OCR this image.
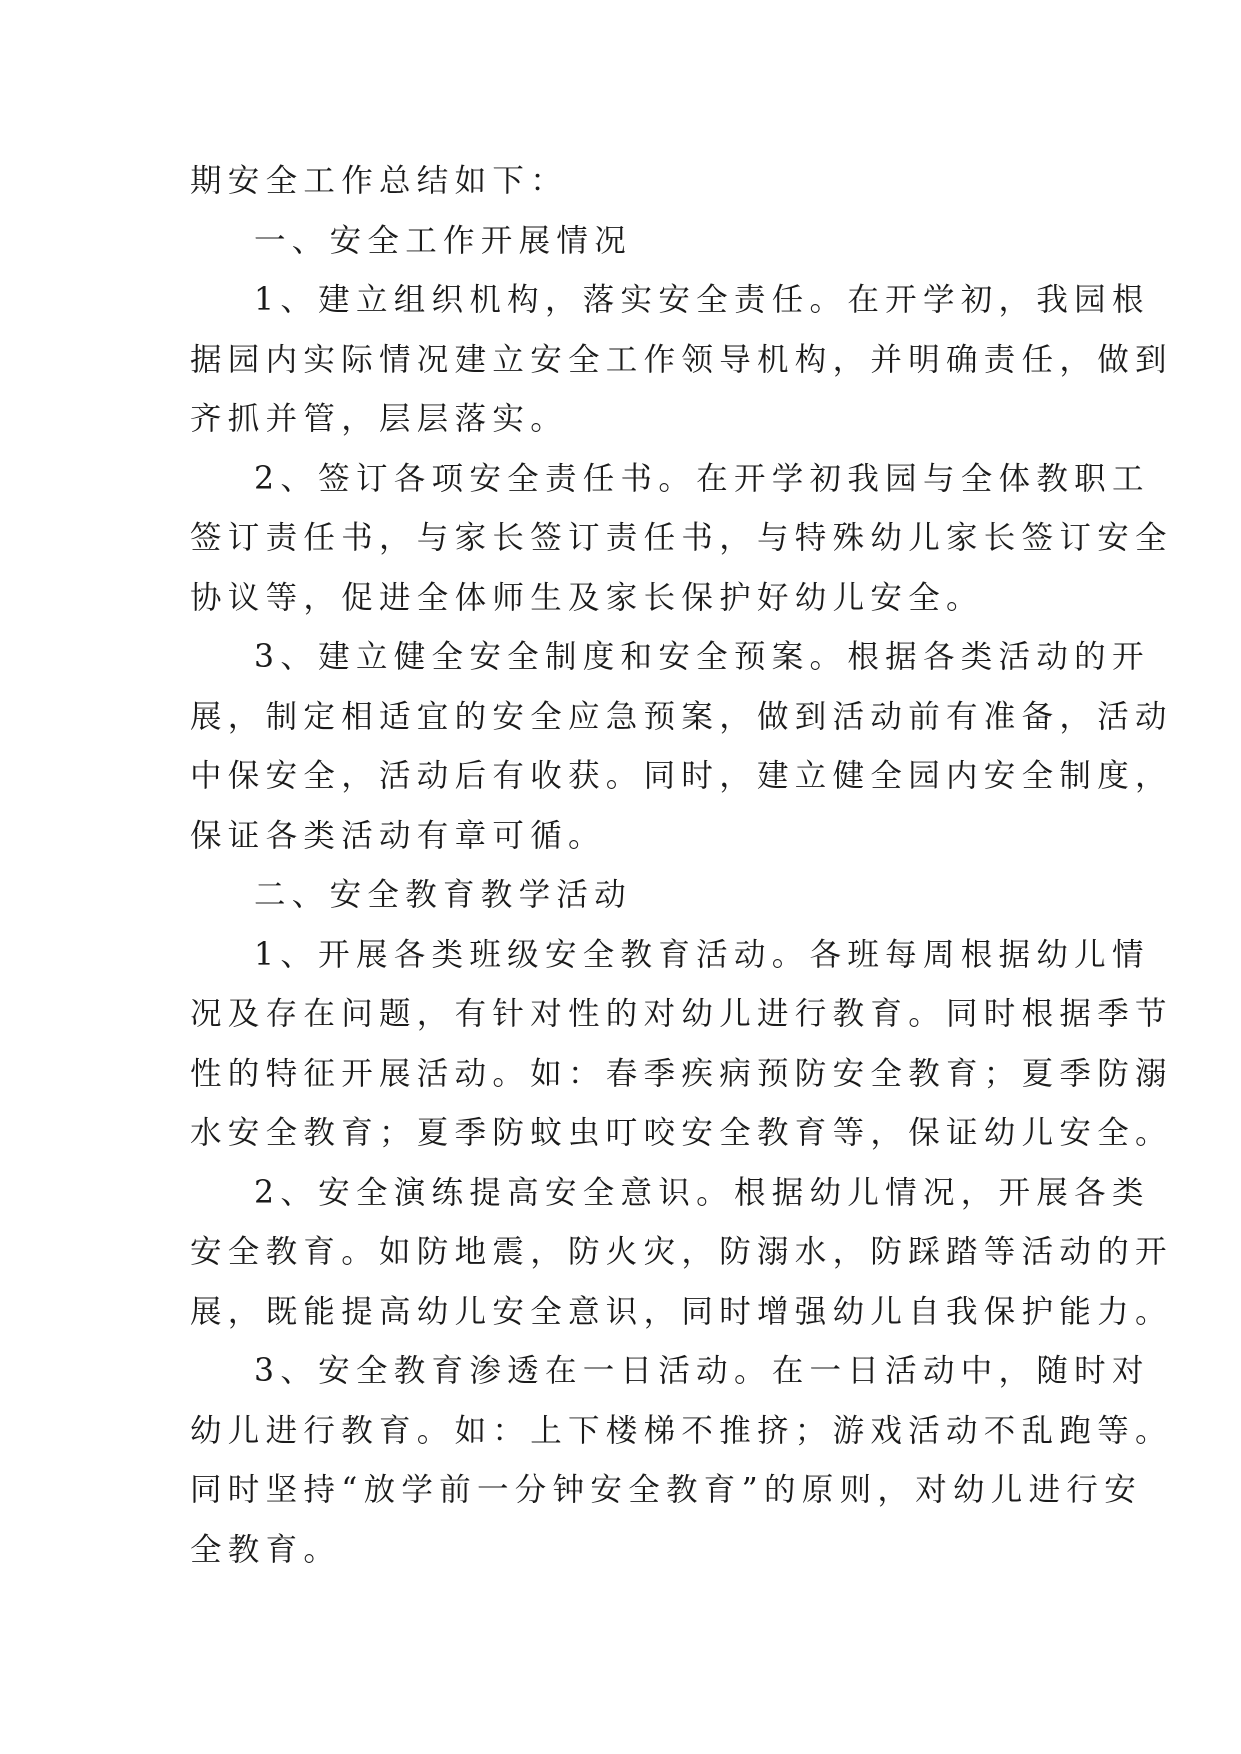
期安全工作总结如下：
一、安全工作开展情况
1、建立组织机构，落实安全责任。在开学初，我园根
据园内实际情况建立安全工作领导机构，并明确责任，做到
齐抓并管，层层落实。
2、签订各项安全责任书。在开学初我园与全体教职工
签订责任书，与家长签订责任书，与特殊幼儿家长签订安全
协议等，促进全体师生及家长保护好幼儿安全。
3、建立健全安全制度和安全预案。根据各类活动的开
展，制定相适宜的安全应急预案，做到活动前有准备，活动
中保安全，活动后有收获。同时，建立健全园内安全制度，
保证各类活动有章可循。
二、安全教育教学活动
1、开展各类班级安全教育活动。各班每周根据幼儿情
况及存在问题，有针对性的对幼儿进行教育。同时根据季节
性的特征开展活动。如：春季疾病预防安全教育；夏季防溺
水安全教育；夏季防蚊虫叮咬安全教育等，保证幼儿安全。
2、安全演练提高安全意识。根据幼儿情况，开展各类
安全教育。如防地震，防火灾，防溺水，防踩踏等活动的开
展，既能提高幼儿安全意识，同时增强幼儿自我保护能力。
3、安全教育渗透在一日活动。在一日活动中，随时对
幼儿进行教育。如：上下楼梯不推挤；游戏活动不乱跑等。
同时坚持“放学前一分钟安全教育”的原则，对幼儿进行安
全教育。
